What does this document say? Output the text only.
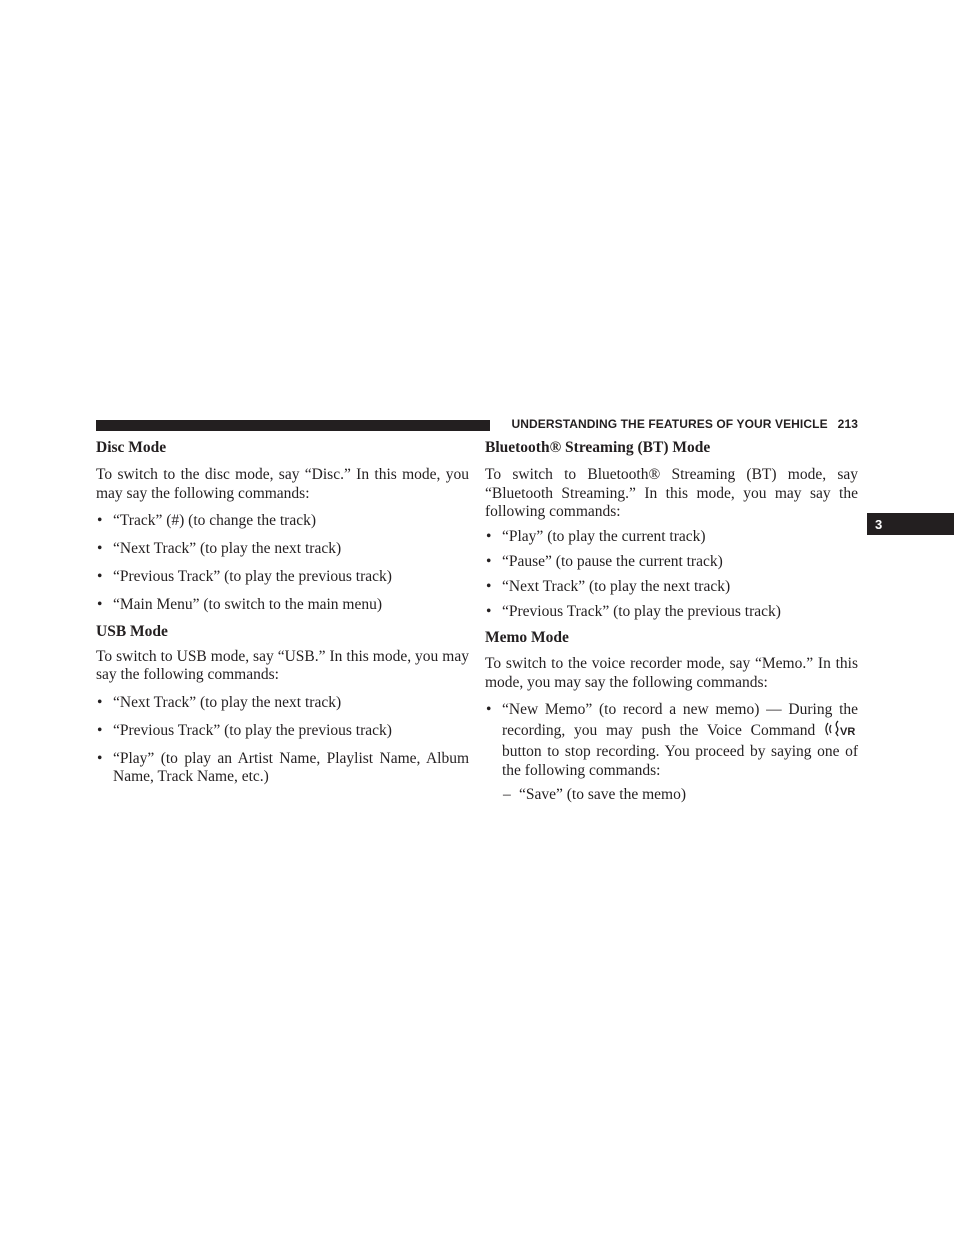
UNDERSTANDING THE FEATURES OF YOUR VEHICLE 213
3
Disc Mode

To switch to the disc mode, say “Disc.” In this mode, you may say the following commands:

• “Track” (#) (to change the track)
• “Next Track” (to play the next track)
• “Previous Track” (to play the previous track)
• “Main Menu” (to switch to the main menu)
USB Mode

To switch to USB mode, say “USB.” In this mode, you may say the following commands:

• “Next Track” (to play the next track)
• “Previous Track” (to play the previous track)
• “Play” (to play an Artist Name, Playlist Name, Album Name, Track Name, etc.)
Bluetooth® Streaming (BT) Mode

To switch to Bluetooth® Streaming (BT) mode, say “Bluetooth Streaming.” In this mode, you may say the following commands:

• “Play” (to play the current track)
• “Pause” (to pause the current track)
• “Next Track” (to play the next track)
• “Previous Track” (to play the previous track)
Memo Mode

To switch to the voice recorder mode, say “Memo.” In this mode, you may say the following commands:

• “New Memo” (to record a new memo) — During the recording, you may push the Voice Command VR
button to stop recording. You proceed by saying one of the following commands:
– “Save” (to save the memo)
